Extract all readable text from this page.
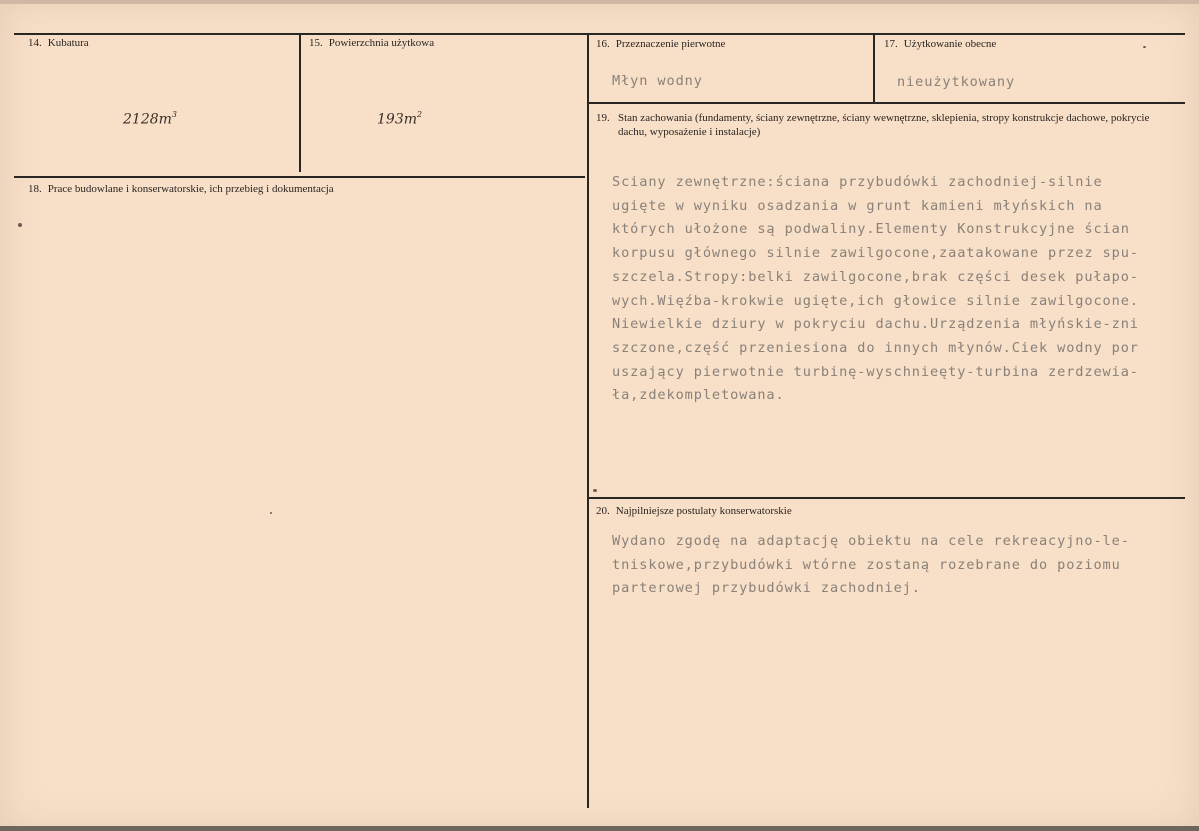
14. Kubatura
$2128m^3$
15. Powierzchnia użytkowa
$193m^2$
16. Przeznaczenie pierwotne
Młyn wodny
17. Użytkowanie obecne
nieużytkowany
18. Prace budowlane i konserwatorskie, ich przebieg i dokumentacja
19. Stan zachowania (fundamenty, ściany zewnętrzne, ściany wewnętrzne, sklepienia, stropy konstrukcje dachowe, pokrycie dachu, wyposażenie i instalacje)
Sciany zewnętrzne:ściana przybudówki zachodniej-silnie
ugięte w wyniku osadzania w grunt kamieni młyńskich na
których ułożone są podwaliny.Elementy Konstrukcyjne ścian
korpusu głównego silnie zawilgocone,zaatakowane przez spu-
szczela.Stropy:belki zawilgocone,brak części desek pułapo-
wych.Więźba-krokwie ugięte,ich głowice silnie zawilgocone.
Niewielkie dziury w pokryciu dachu.Urządzenia młyńskie-zni
szczone,część przeniesiona do innych młynów.Ciek wodny por
uszający pierwotnie turbinę-wyschnieęty-turbina zerdzewia-
ła,zdekompletowana.
20. Najpilniejsze postulaty konserwatorskie
Wydano zgodę na adaptację obiektu na cele rekreacyjno-le-
tniskowe,przybudówki wtórne zostaną rozebrane do poziomu
parterowej przybudówki zachodniej.
